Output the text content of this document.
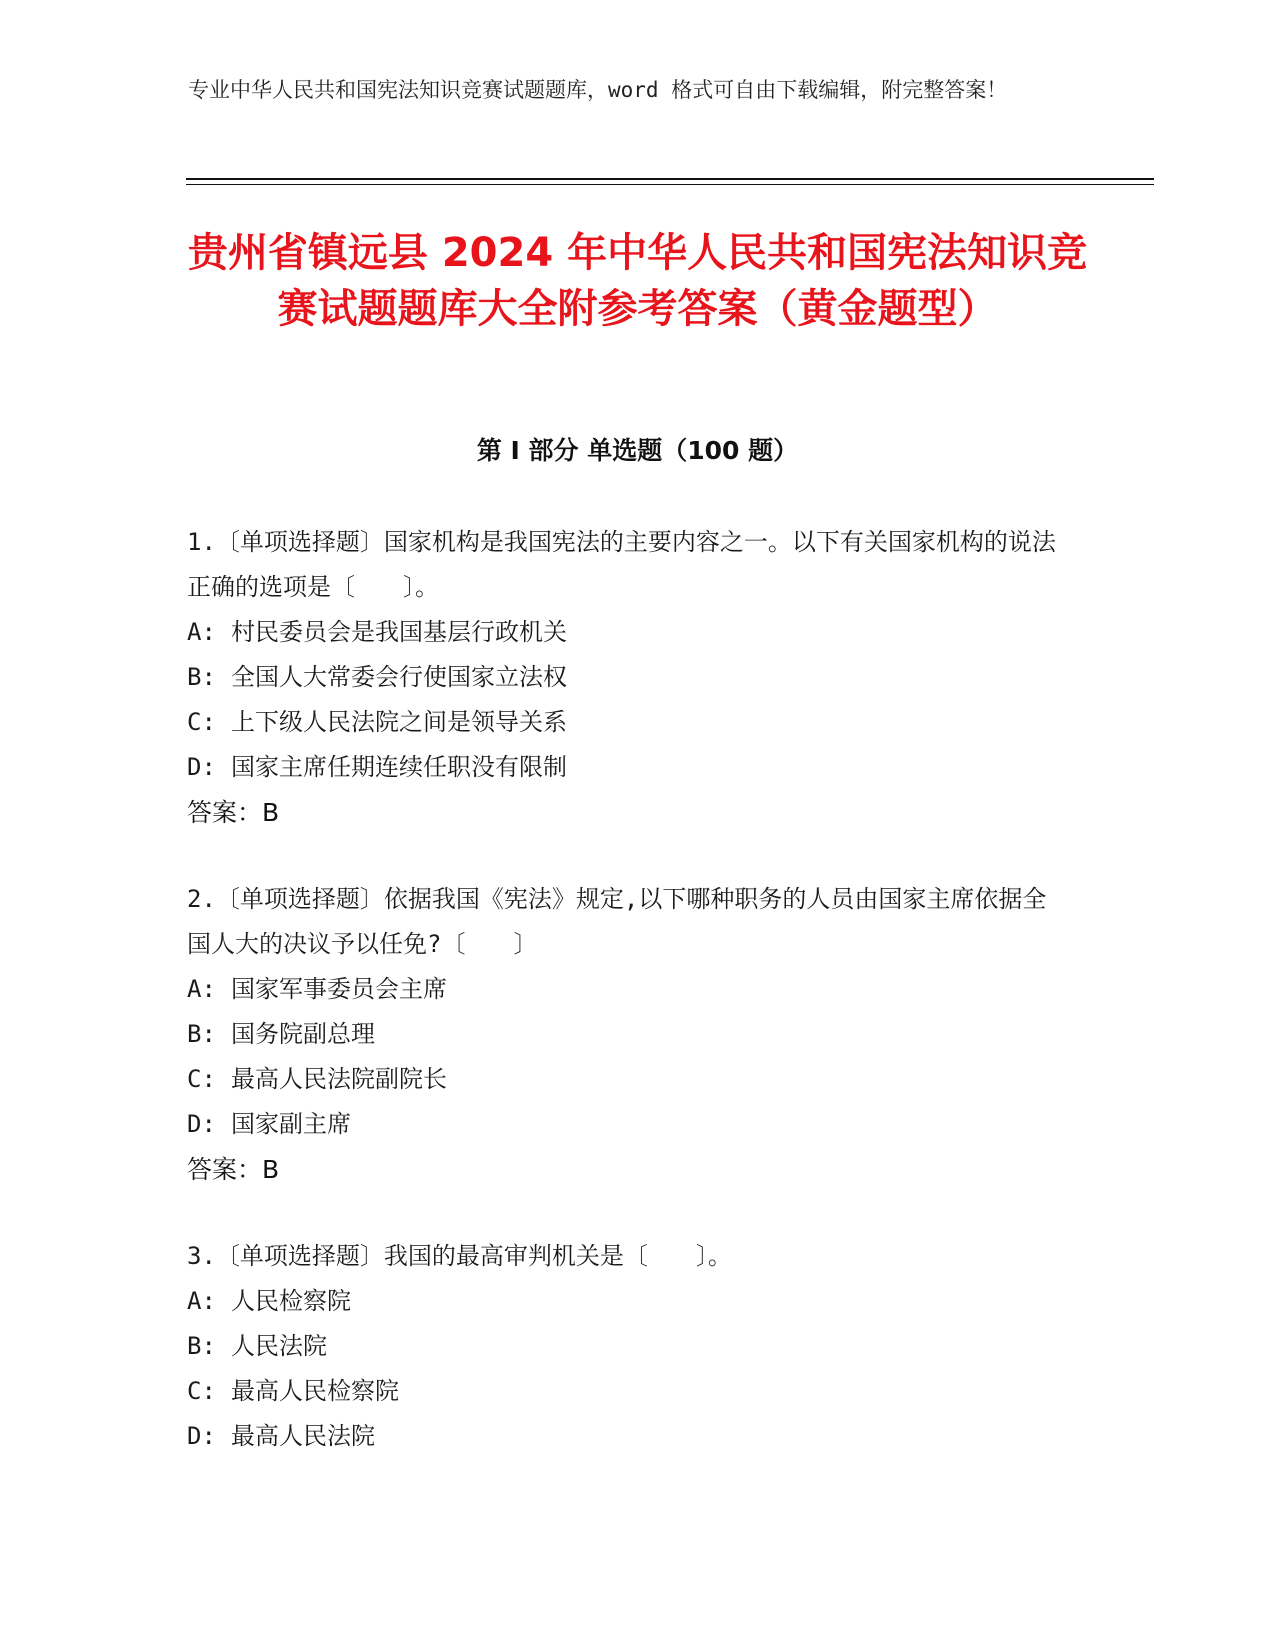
专业中华人民共和国宪法知识竞赛试题题库，word 格式可自由下载编辑，附完整答案！
贵州省镇远县 2024 年中华人民共和国宪法知识竞赛试题题库大全附参考答案（黄金题型）
第 I 部分 单选题（100 题）
1.〔单项选择题〕国家机构是我国宪法的主要内容之一。以下有关国家机构的说法正确的选项是〔　　〕。
A: 村民委员会是我国基层行政机关
B: 全国人大常委会行使国家立法权
C: 上下级人民法院之间是领导关系
D: 国家主席任期连续任职没有限制
答案：B
2.〔单项选择题〕依据我国《宪法》规定,以下哪种职务的人员由国家主席依据全国人大的决议予以任免?〔　　〕
A: 国家军事委员会主席
B: 国务院副总理
C: 最高人民法院副院长
D: 国家副主席
答案：B
3.〔单项选择题〕我国的最高审判机关是〔　　〕。
A: 人民检察院
B: 人民法院
C: 最高人民检察院
D: 最高人民法院
